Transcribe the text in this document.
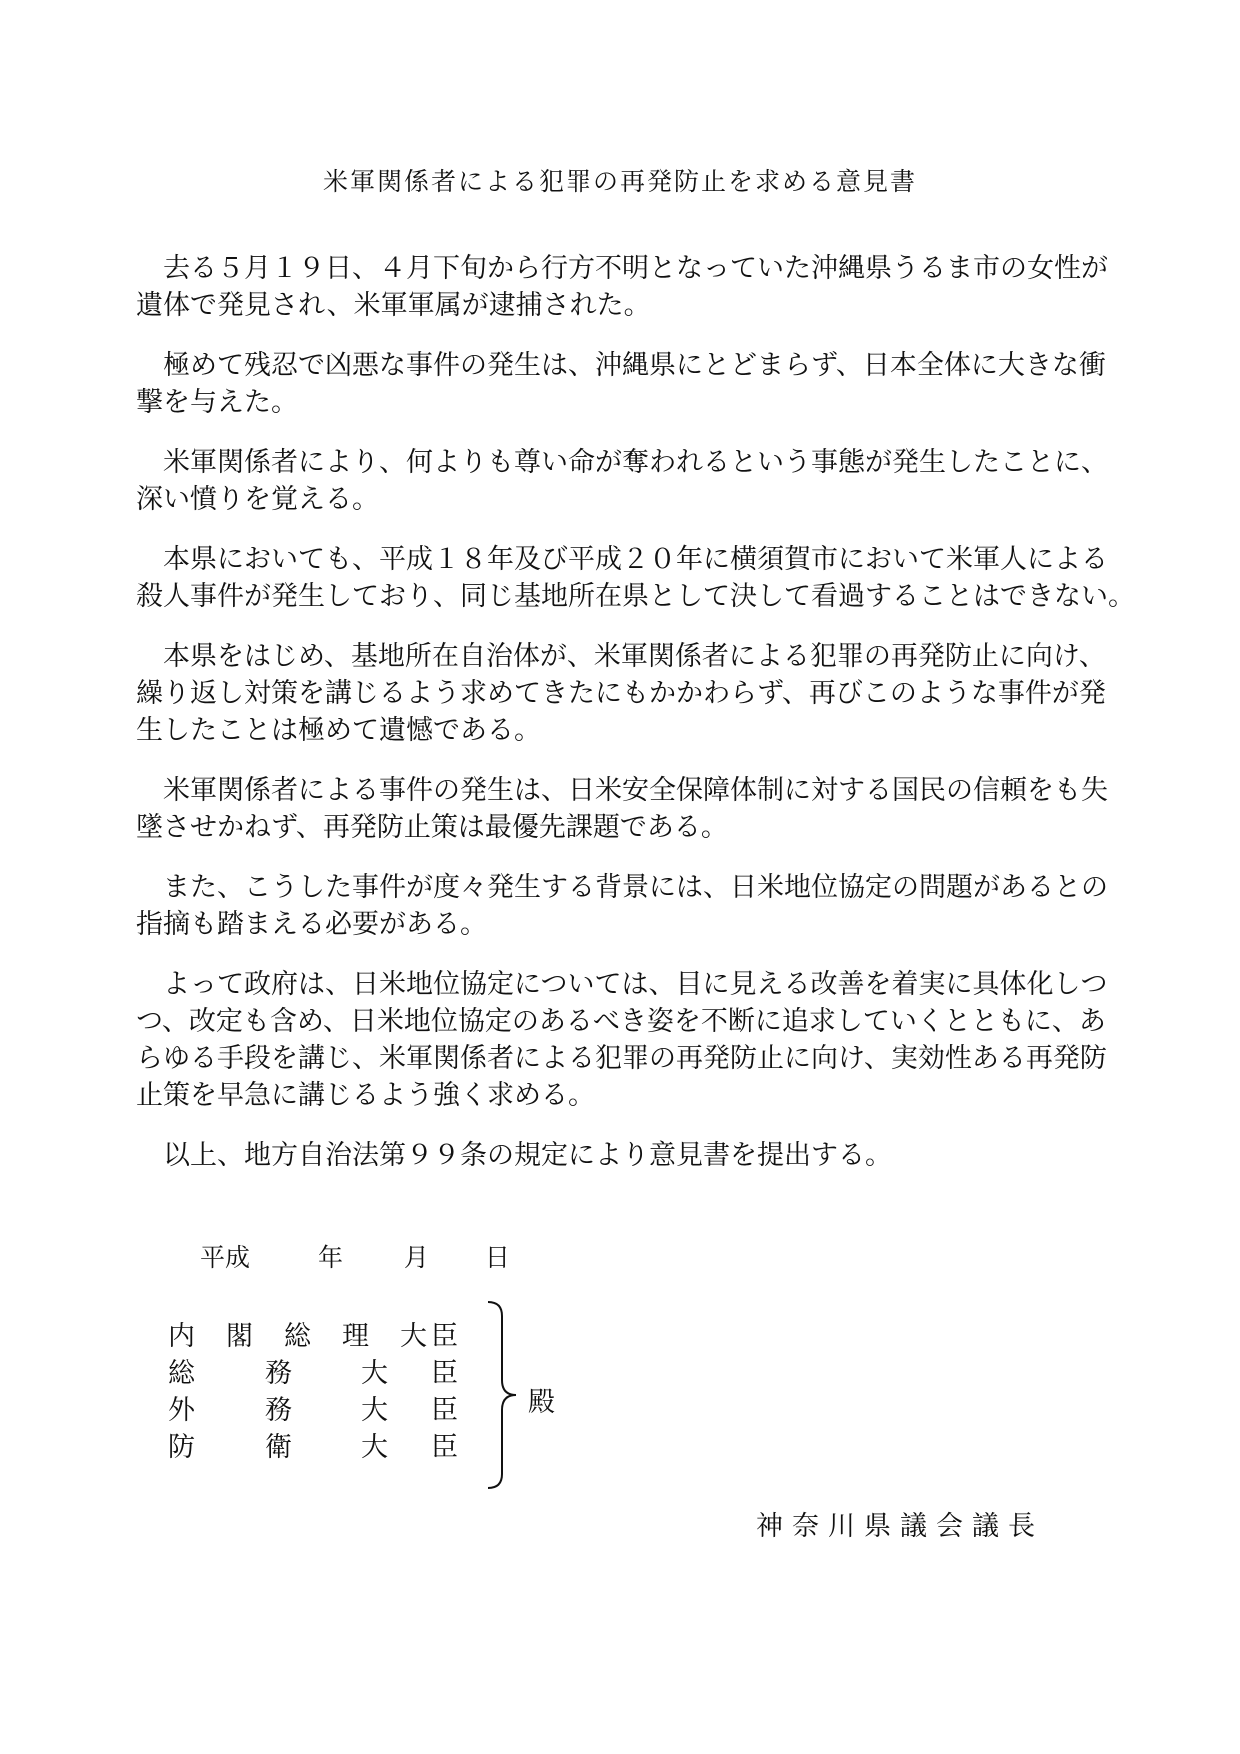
米軍関係者による犯罪の再発防止を求める意見書
　去る５月１９日、４月下旬から行方不明となっていた沖縄県うるま市の女性が
遺体で発見され、米軍軍属が逮捕された。
　極めて残忍で凶悪な事件の発生は、沖縄県にとどまらず、日本全体に大きな衝
撃を与えた。
　米軍関係者により、何よりも尊い命が奪われるという事態が発生したことに、
深い憤りを覚える。
　本県においても、平成１８年及び平成２０年に横須賀市において米軍人による
殺人事件が発生しており、同じ基地所在県として決して看過することはできない。
　本県をはじめ、基地所在自治体が、米軍関係者による犯罪の再発防止に向け、
繰り返し対策を講じるよう求めてきたにもかかわらず、再びこのような事件が発
生したことは極めて遺憾である。
　米軍関係者による事件の発生は、日米安全保障体制に対する国民の信頼をも失
墜させかねず、再発防止策は最優先課題である。
　また、こうした事件が度々発生する背景には、日米地位協定の問題があるとの
指摘も踏まえる必要がある。
　よって政府は、日米地位協定については、目に見える改善を着実に具体化しつ
つ、改定も含め、日米地位協定のあるべき姿を不断に追求していくとともに、あ
らゆる手段を講じ、米軍関係者による犯罪の再発防止に向け、実効性ある再発防
止策を早急に講じるよう強く求める。
　以上、地方自治法第９９条の規定により意見書を提出する。
平成	年 月 日
内 閣 総 理 大 臣
総	務	大 臣
外	務	大 臣
防	衛	大 臣
殿
神奈川県議会議長
